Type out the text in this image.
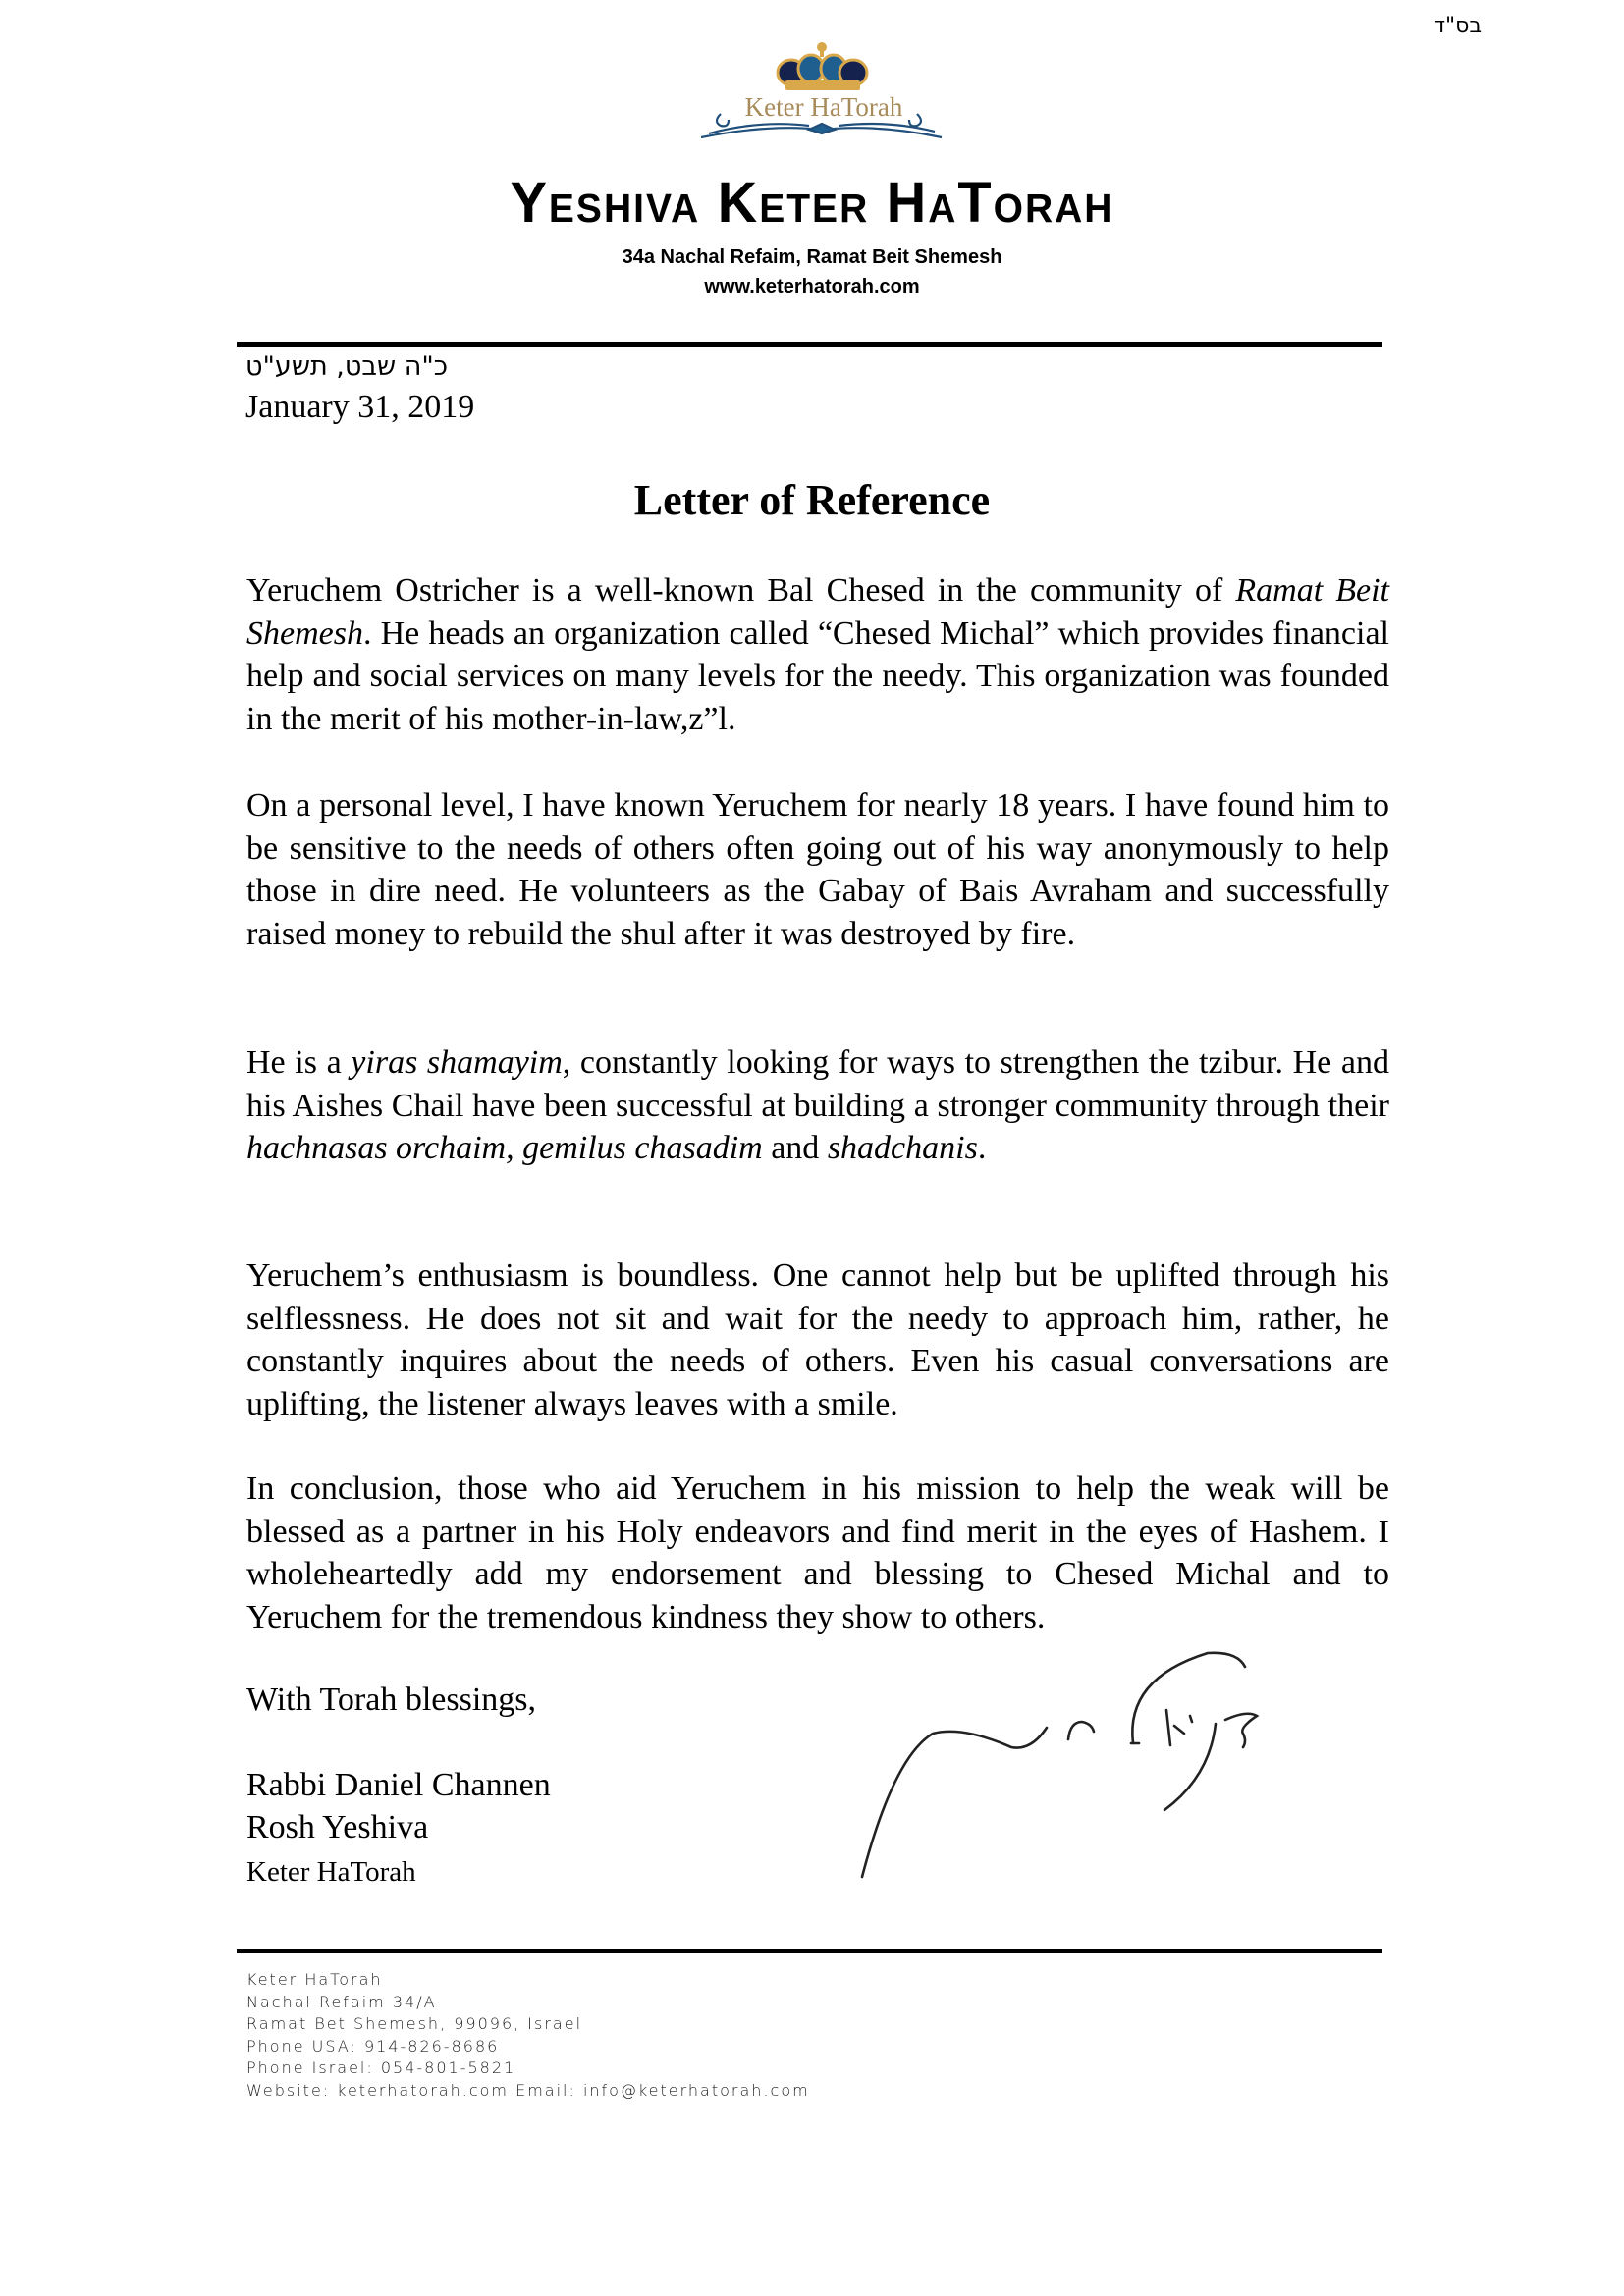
בס"ד
Keter HaTorah
Yeshiva Keter HaTorah
34a Nachal Refaim, Ramat Beit Shemesh
www.keterhatorah.com
כ"ה שבט, תשע"ט
January 31, 2019
Letter of Reference

Yeruchem Ostricher is a well-known Bal Chesed in the community of Ramat Beit Shemesh. He heads an organization called “Chesed Michal” which provides financial help and social services on many levels for the needy. This organization was founded in the merit of his mother-in-law,z”l.

On a personal level, I have known Yeruchem for nearly 18 years. I have found him to be sensitive to the needs of others often going out of his way anonymously to help those in dire need. He volunteers as the Gabay of Bais Avraham and successfully raised money to rebuild the shul after it was destroyed by fire.

He is a yiras shamayim, constantly looking for ways to strengthen the tzibur. He and his Aishes Chail have been successful at building a stronger community through their hachnasas orchaim, gemilus chasadim and shadchanis.

Yeruchem’s enthusiasm is boundless. One cannot help but be uplifted through his selflessness. He does not sit and wait for the needy to approach him, rather, he constantly inquires about the needs of others. Even his casual conversations are uplifting, the listener always leaves with a smile.

In conclusion, those who aid Yeruchem in his mission to help the weak will be blessed as a partner in his Holy endeavors and find merit in the eyes of Hashem. I wholeheartedly add my endorsement and blessing to Chesed Michal and to Yeruchem for the tremendous kindness they show to others.

With Torah blessings,
Rabbi Daniel Channen
Rosh Yeshiva
Keter HaTorah
Keter HaTorah
Nachal Refaim 34/A
Ramat Bet Shemesh, 99096, Israel
Phone USA: 914-826-8686
Phone Israel: 054-801-5821
Website: keterhatorah.com Email: info@keterhatorah.com
